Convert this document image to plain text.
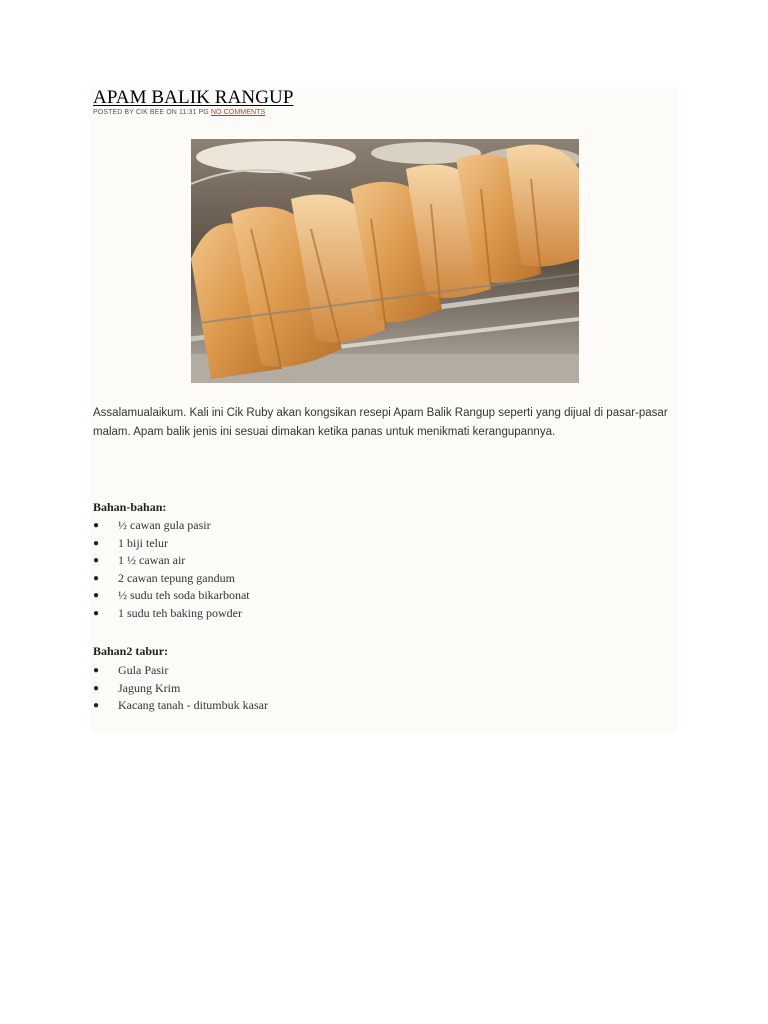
APAM BALIK RANGUP
POSTED BY CIK BEE ON 11:31 PG NO COMMENTS
Assalamualaikum. Kali ini Cik Ruby akan kongsikan resepi Apam Balik Rangup seperti yang dijual di pasar-pasar malam. Apam balik jenis ini sesuai dimakan ketika panas untuk menikmati kerangupannya.
Bahan-bahan:
● ½ cawan gula pasir
● 1 biji telur
● 1 ½ cawan air
● 2 cawan tepung gandum
● ½ sudu teh soda bikarbonat
● 1 sudu teh baking powder
Bahan2 tabur:
● Gula Pasir
● Jagung Krim
● Kacang tanah - ditumbuk kasar
